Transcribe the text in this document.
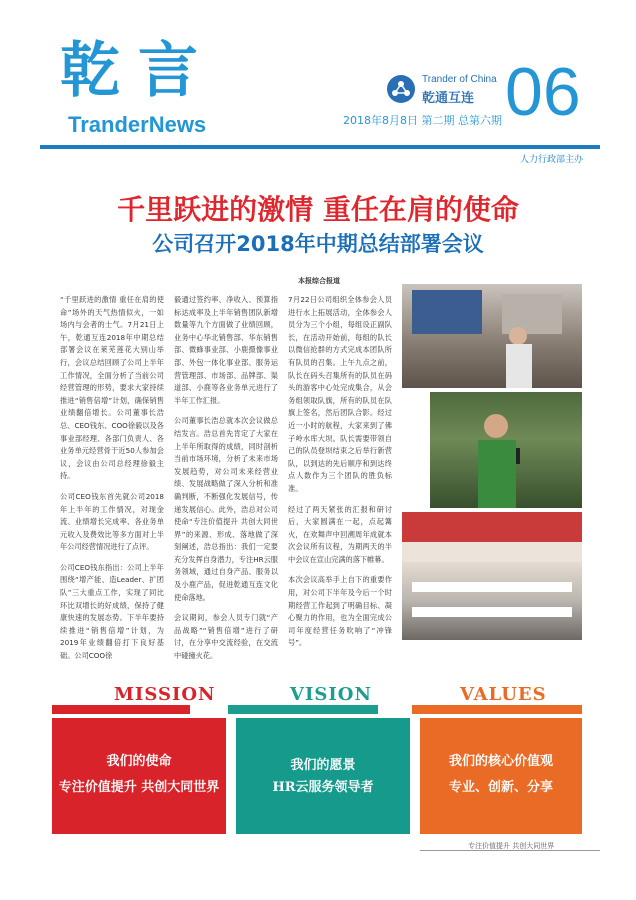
乾言
TranderNews
Trander of China
乾通互连 06
2018年8月8日 第二期 总第六期
人力行政部主办
千里跃进的激情 重任在肩的使命
公司召开2018年中期总结部署会议
本报综合报道

“千里跃进的激情 重任在肩的使命”场外的天气热情似火，一如场内与会者的士气。7月21日上午，乾通互连2018年中期总结部署会议在莱芜莲花大别山举行，会议总结回顾了公司上半年工作情况，全面分析了当前公司经营管理的形势，要求大家持续推进“销售倍增”计划，确保销售业绩翻倍增长。公司董事长浩总、CEO钱东、COO徐毅以及各事业部经理、各部门负责人、各业务单元经营骨干近50人参加会议，会议由公司总经理徐毅主持。

公司CEO钱东首先就公司2018年上半年的工作情况，对现金流、业绩增长完成率、各业务单元收入及费效比等多方面对上半年公司经营情况进行了点评。

公司CEO钱东指出：公司上半年围绕“增产能、造Leader、扩团队”三大重点工作，实现了同比环比双增长的好成绩，保持了健康快速的发展态势。下半年要持续推进“销售倍增”计划，为2019年业绩翻倍打下良好基础。公司COO徐

毅通过签约率、净收入、预算指标达成率及上半年销售团队新增数量等九个方面做了业绩回顾，业务中心华北销售部、华东销售部、微蜂事业部、小鹿摄像事业部、外包一体化事业部、服务运营管理部、市场部、品牌部、渠道部、小鹿等各业务单元进行了半年工作汇报。

公司董事长浩总就本次会议做总结发言。浩总首先肯定了大家在上半年所取得的成绩，同时剖析当前市场环境，分析了未来市场发展趋势，对公司未来经营业绩、发展战略做了深入分析和准确判断，不断强化发展信号，传递发展信心。此外，浩总对公司使命“专注价值提升 共创大同世界”的来源、形成、落地做了深刻阐述，浩总指出：我们一定要充分发挥自身潜力，专注HR云服务领域，通过自身产品、服务以及小鹿产品，促进乾通互连文化使命落地。

会议期间，参会人员专门就“产品战略”“销售倍增”进行了研讨，在分享中交流经验，在交流中碰撞火花。

7月22日公司组织全体参会人员进行水上拓展活动，全体参会人员分为三个小组，每组设正副队长，在活动开始前，每组的队长以微信抢群的方式完成本团队所有队员的召集。上午九点之前，队长在码头召集所有的队员在码头的游客中心处完成集合，从会务组领取队旗，所有的队员在队旗上签名，然后团队合影。经过近一小时的航程，大家来到了佛子岭水库大坝。队长需要带领自己的队员登坝结束之后举行新营队，以到达的先后顺序和到达终点人数作为三个团队的胜负标准。

经过了两天紧张的汇报和研讨后，大家圆满在一起，点起篝火，在欢舞声中回溯周年成就本次会议所有议程，为期两天的半中会议在宣山完满的落下帷幕。

本次会议高举手上自下的重要作用，对公司下半年及今后一个时期经营工作起到了明确目标、凝心聚力的作用，也为全面完成公司年度经营任务吹响了“冲锋号”。

MISSION	VISION	VALUES
我们的使命
专注价值提升 共创大同世界
我们的愿景
HR云服务领导者
我们的核心价值观
专业、创新、分享
专注价值提升 共创大同世界
